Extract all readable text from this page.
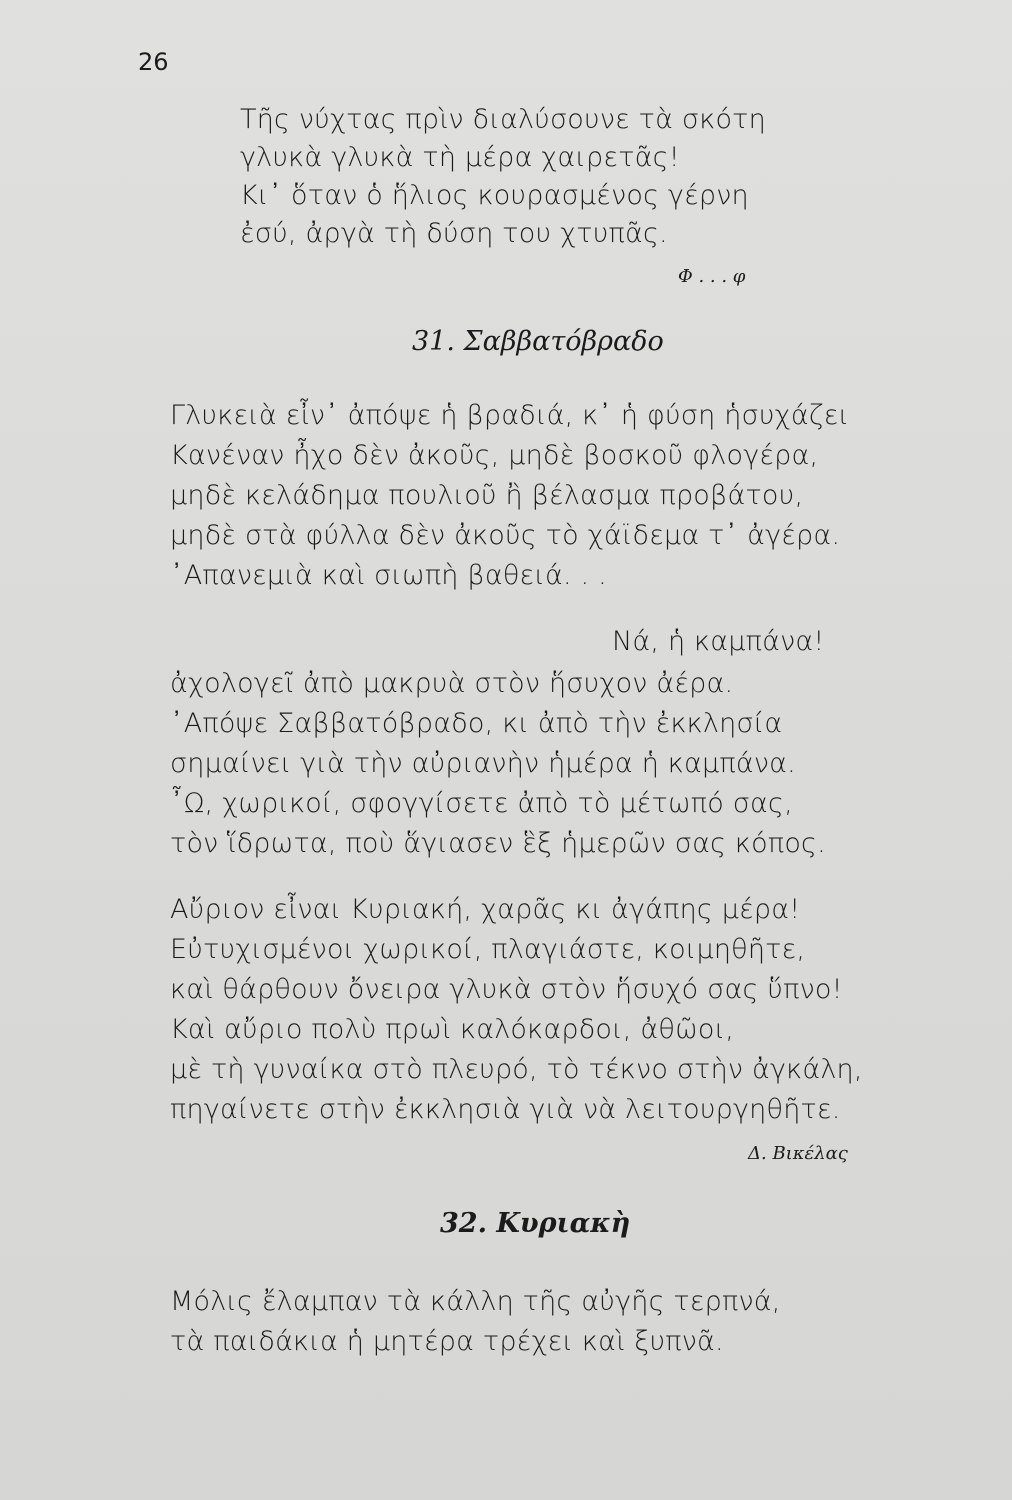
26
Τῆς νύχτας πρὶν διαλύσουνε τὰ σκότη
γλυκὰ γλυκὰ τὴ μέρα χαιρετᾶς!
Κι᾽ ὅταν ὁ ἥλιος κουρασμένος γέρνη
ἐσύ, ἀργὰ τὴ δύση του χτυπᾶς.
Φ . . . φ
31. Σαββατόβραδο
Γλυκειὰ εἶν᾽ ἀπόψε ἡ βραδιά, κ᾽ ἡ φύση ἡσυχάζει
Κανέναν ἦχο δὲν ἀκοῦς, μηδὲ βοσκοῦ φλογέρα,
μηδὲ κελάδημα πουλιοῦ ἢ βέλασμα προβάτου,
μηδὲ στὰ φύλλα δὲν ἀκοῦς τὸ χάϊδεμα τ᾽ ἀγέρα.
᾽Απανεμιὰ καὶ σιωπὴ βαθειά. . .
Νά, ἡ καμπάνα!
ἀχολογεῖ ἀπὸ μακρυὰ στὸν ἥσυχον ἀέρα.
᾽Απόψε Σαββατόβραδο, κι ἀπὸ τὴν ἐκκλησία
σημαίνει γιὰ τὴν αὐριανὴν ἡμέρα ἡ καμπάνα.
῏Ω, χωρικοί, σφογγίσετε ἀπὸ τὸ μέτωπό σας,
τὸν ἵδρωτα, ποὺ ἅγιασεν ἓξ ἡμερῶν σας κόπος.
Αὔριον εἶναι Κυριακή, χαρᾶς κι ἀγάπης μέρα!
Εὐτυχισμένοι χωρικοί, πλαγιάστε, κοιμηθῆτε,
καὶ θάρθουν ὄνειρα γλυκὰ στὸν ἥσυχό σας ὕπνο!
Καὶ αὔριο πολὺ πρωὶ καλόκαρδοι, ἀθῶοι,
μὲ τὴ γυναίκα στὸ πλευρό, τὸ τέκνο στὴν ἀγκάλη,
πηγαίνετε στὴν ἐκκλησιὰ γιὰ νὰ λειτουργηθῆτε.
Δ. Βικέλας
32. Κυριακὴ
Μόλις ἔλαμπαν τὰ κάλλη τῆς αὐγῆς τερπνά,
τὰ παιδάκια ἡ μητέρα τρέχει καὶ ξυπνᾶ.
